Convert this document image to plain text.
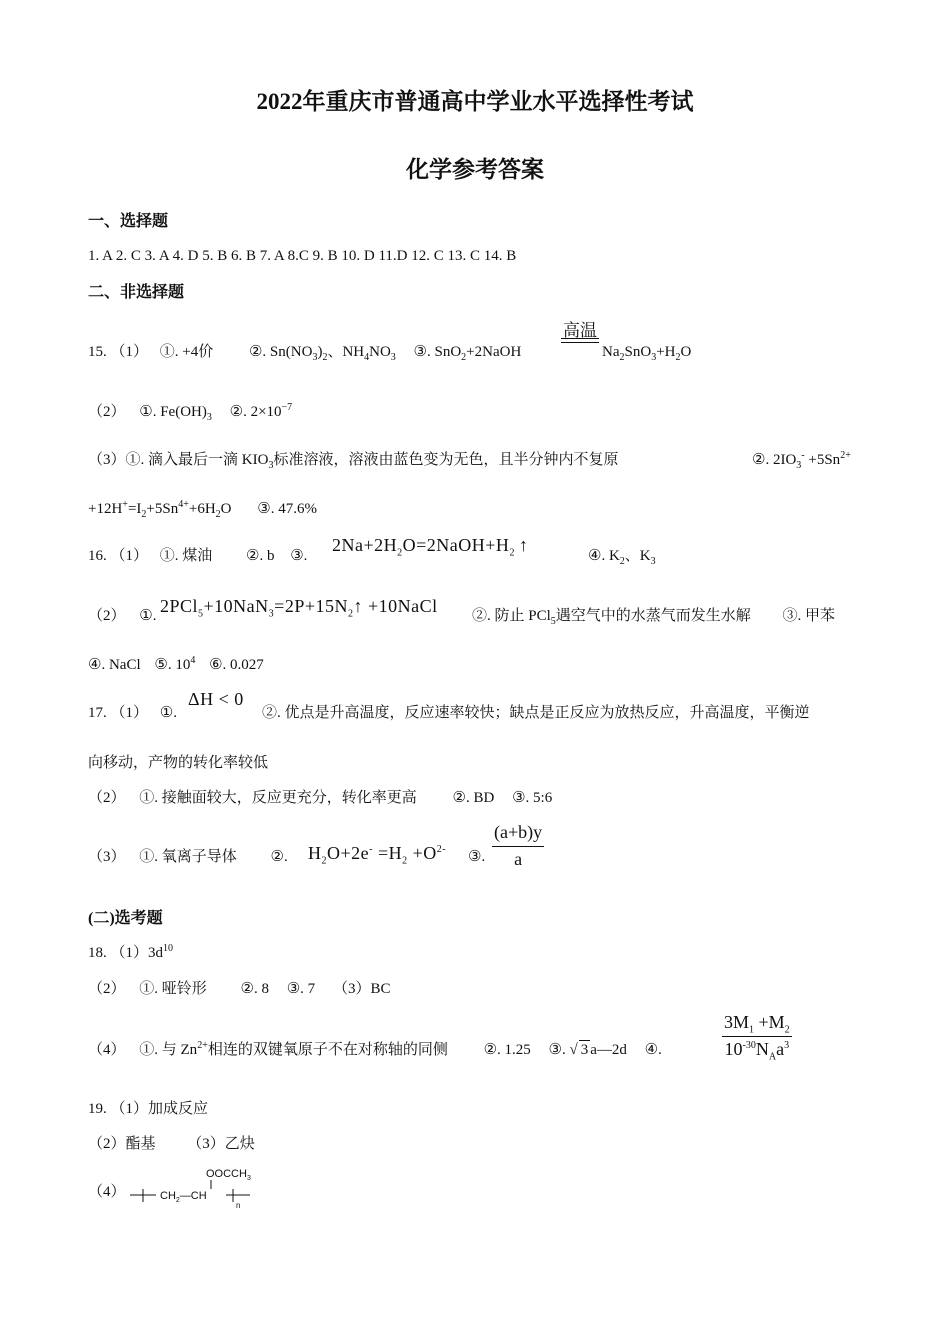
2022年重庆市普通高中学业水平选择性考试
化学参考答案
一、选择题
1. A 2. C 3. A 4. D 5. B 6. B 7. A 8.C 9. B 10. D 11.D 12. C 13. C 14. B
二、非选择题
15. （1） ①. +4价 ②. $Sn(NO_3)_2$、$NH_4NO_3$ ③. SnO$_2$+2NaOH
高温
$Na_2SnO_3+H_2O$
（2） ①. $Fe(OH)_3$ ②. $2\times 10^{-7}$
（3）①. 滴入最后一滴 $KIO_3$标准溶液，溶液由蓝色变为无色，且半分钟内不复原	②. $2IO_3^- +5Sn^{2+}$
$+12H^+=I_2+5Sn^{4+}+6H_2O$ ③. 47.6%
16. （1） ①. 煤油 ②. b ③.
$2Na+2H_2O=2NaOH+H_2$ ↑
④. $K_2$、$K_3$
（2） ①. $2PCl_5+10NaN_3=2P+15N_2↑$ +10NaCl ②. 防止 PCl$_5$遇空气中的水蒸气而发生水解 ③. 甲苯
④. NaCl ⑤. $10^4$ ⑥. 0.027
17. （1） ①.
ΔH < 0
②. 优点是升高温度，反应速率较快；缺点是正反应为放热反应，升高温度，平衡逆
向移动，产物的转化率较低
（2） ①. 接触面较大，反应更充分，转化率更高 ②. BD ③. 5:6
（3） ①. 氧离子导体 ②. $H_2O+2e^- =H_2 +O^{2-}$ ③. $\frac{(a+b)y}{a}$
(二)选考题
18. $(1)3d^{10}$
（2） ①. 哑铃形 ②. 8 ③. 7 （3）BC
（4） ①. 与 $Zn^{2+}$相连的双键氧原子不在对称轴的同侧 ②. 1.25 ③. √ 3 a—2d ④.	$\frac{3M_1 +M_2}{10^{-30}N_Aa^3}$
19. （1）加成反应
（2）酯基 （3）乙炔
（4）
$OOCCH_3$
$CH_2—CH$
n
